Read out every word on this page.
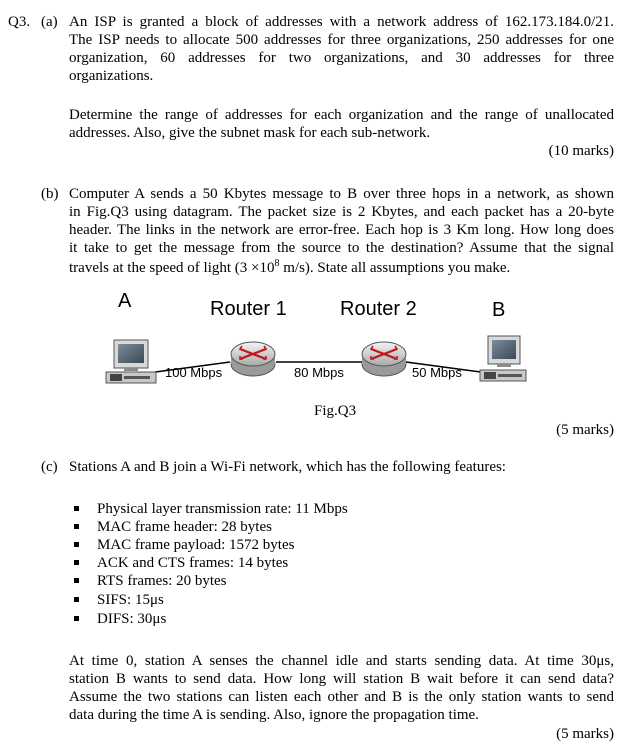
Q3. (a) An ISP is granted a block of addresses with a network address of 162.173.184.0/21.
The ISP needs to allocate 500 addresses for three organizations, 250 addresses for one
organization, 60 addresses for two organizations, and 30 addresses for three
organizations.
Determine the range of addresses for each organization and the range of unallocated
addresses. Also, give the subnet mask for each sub-network.
(10 marks)
(b) Computer A sends a 50 Kbytes message to B over three hops in a network, as shown
in Fig.Q3 using datagram. The packet size is 2 Kbytes, and each packet has a 20-byte
header. The links in the network are error-free. Each hop is 3 Km long. How long does
it take to get the message from the source to the destination? Assume that the signal
travels at the speed of light ($3 \times 10^8$ m/s). State all assumptions you make.
A	Router 1	Router 2	B
100 Mbps	80 Mbps	50 Mbps
Fig.Q3
(5 marks)
(c) Stations A and B join a Wi-Fi network, which has the following features:
Physical layer transmission rate: 11 Mbps
MAC frame header: 28 bytes
MAC frame payload: 1572 bytes
ACK and CTS frames: 14 bytes
RTS frames: 20 bytes
SIFS: 15μs
DIFS: 30μs
At time 0, station A senses the channel idle and starts sending data. At time 30μs,
station B wants to send data. How long will station B wait before it can send data?
Assume the two stations can listen each other and B is the only station wants to send
data during the time A is sending. Also, ignore the propagation time.
(5 marks)
